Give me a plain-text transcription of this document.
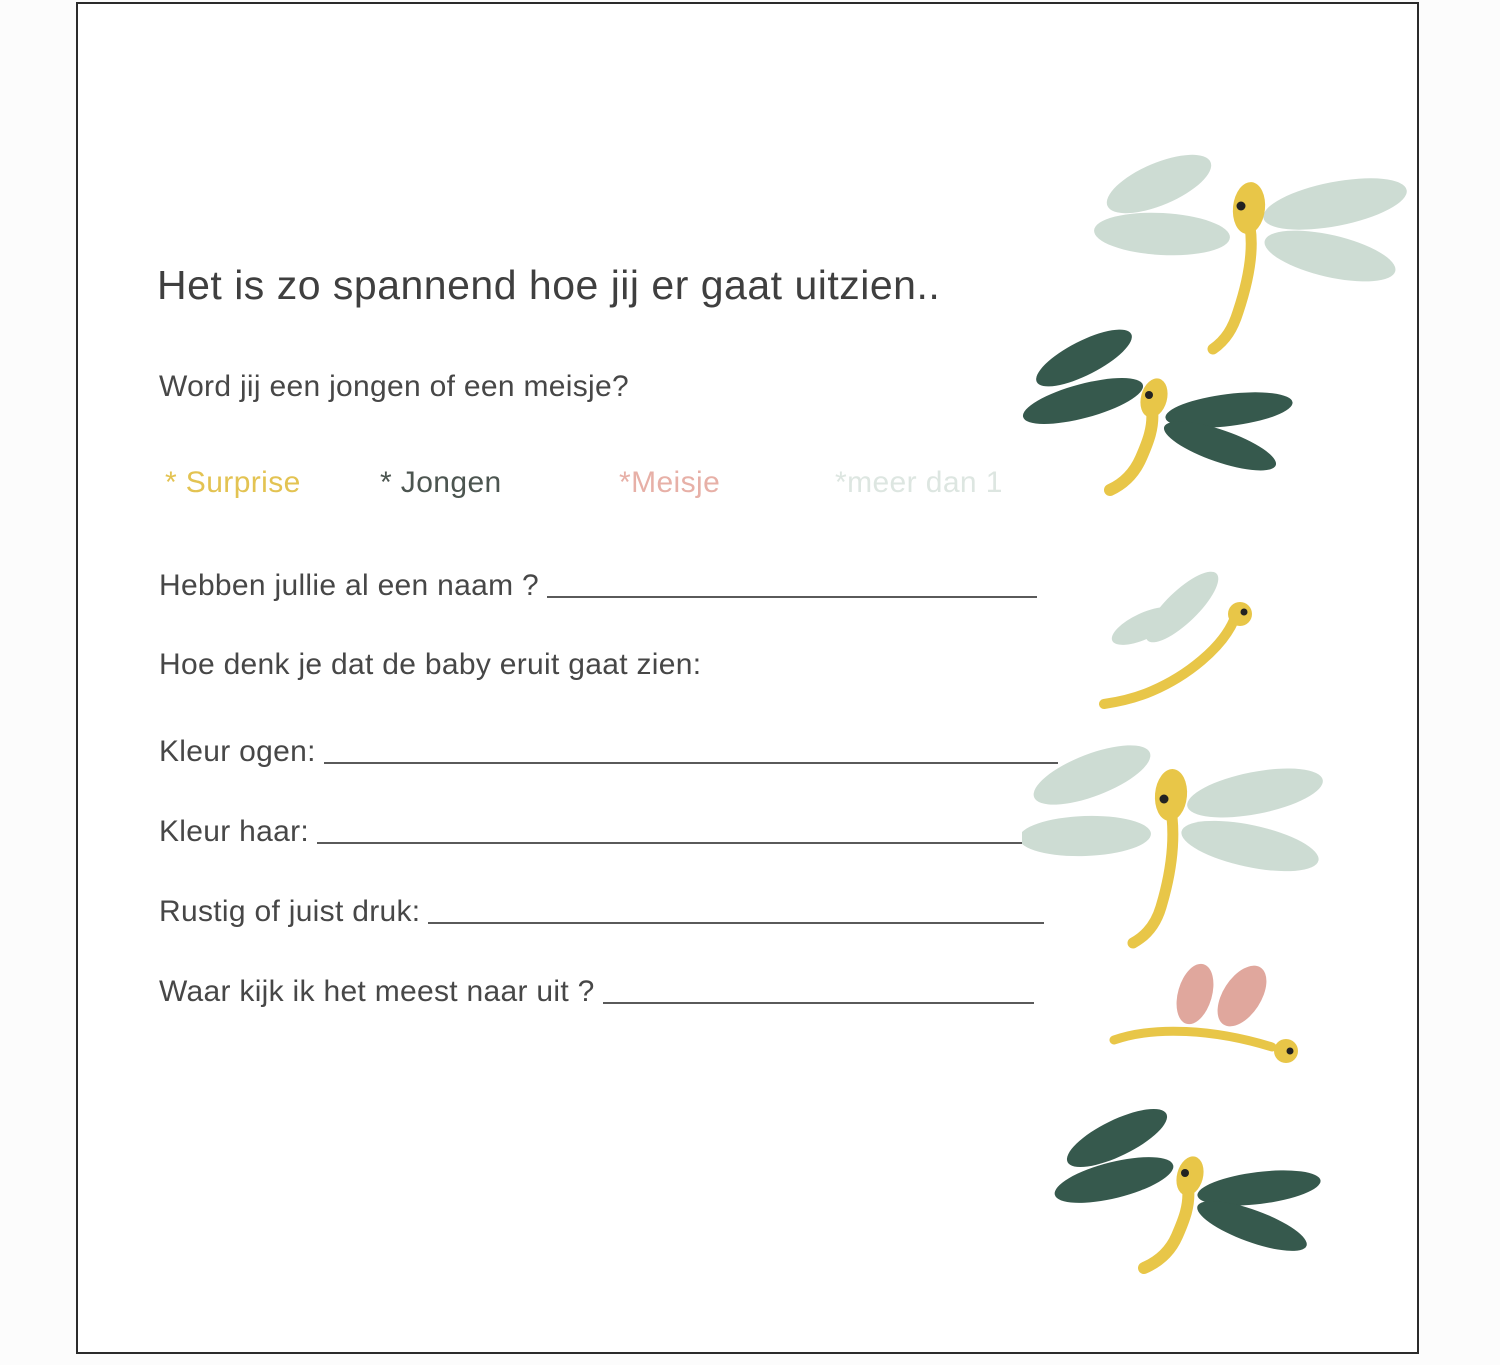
Het is zo spannend hoe jij er gaat uitzien..
Word jij een jongen of een meisje?
* Surprise	* Jongen	*Meisje	*meer dan 1
Hebben jullie al een naam ?
Hoe denk je dat de baby eruit gaat zien:
Kleur ogen:
Kleur haar:
Rustig of juist druk:
Waar kijk ik het meest naar uit ?
